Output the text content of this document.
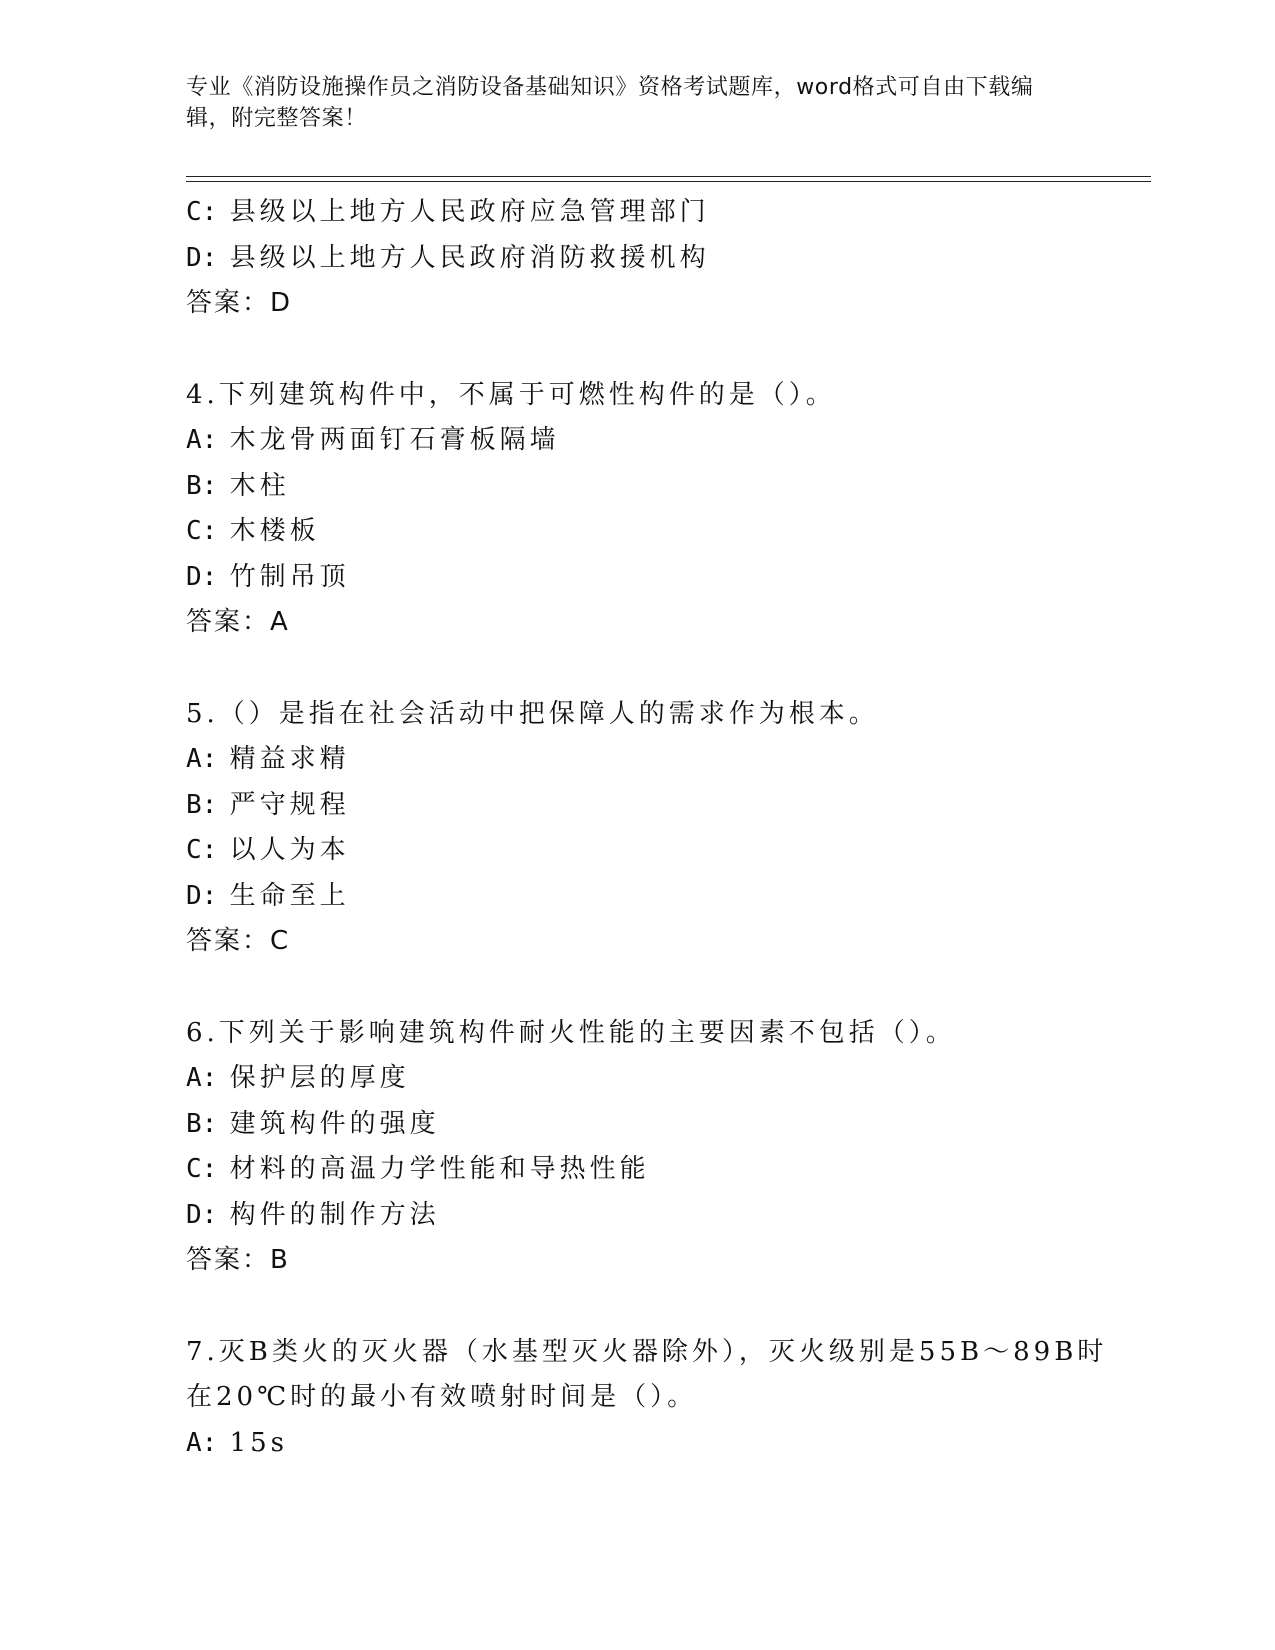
专业《消防设施操作员之消防设备基础知识》资格考试题库，word格式可自由下载编辑，附完整答案！
C: 县级以上地方人民政府应急管理部门
D: 县级以上地方人民政府消防救援机构
答案：D
4.下列建筑构件中，不属于可燃性构件的是（）。
A: 木龙骨两面钉石膏板隔墙
B: 木柱
C: 木楼板
D: 竹制吊顶
答案：A
5.（）是指在社会活动中把保障人的需求作为根本。
A: 精益求精
B: 严守规程
C: 以人为本
D: 生命至上
答案：C
6.下列关于影响建筑构件耐火性能的主要因素不包括（）。
A: 保护层的厚度
B: 建筑构件的强度
C: 材料的高温力学性能和导热性能
D: 构件的制作方法
答案：B
7.灭B类火的灭火器（水基型灭火器除外），灭火级别是55B～89B时
在20℃时的最小有效喷射时间是（）。
A: 15s
